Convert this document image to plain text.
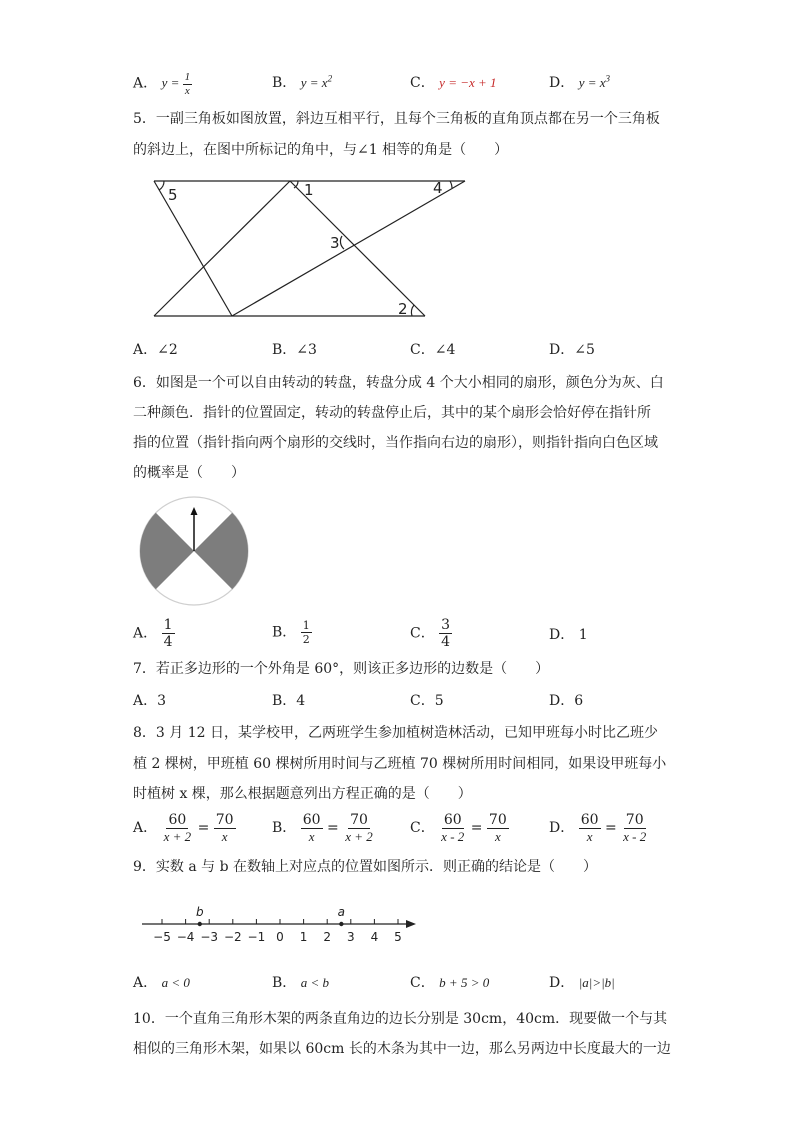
A． $y = \frac{1}{x}$	B． $y = x^2$	C． y = −x + 1	D． $y = x^3$
5．一副三角板如图放置，斜边互相平行，且每个三角板的直角顶点都在另一个三角板
的斜边上，在图中所标记的角中，与∠1 相等的角是（　　）
5	1	4
3
2
A．∠2	B．∠3	C．∠4	D．∠5
6．如图是一个可以自由转动的转盘，转盘分成 4 个大小相同的扇形，颜色分为灰、白
二种颜色．指针的位置固定，转动的转盘停止后，其中的某个扇形会恰好停在指针所
指的位置（指针指向两个扇形的交线时，当作指向右边的扇形），则指针指向白色区域
的概率是（　　）
A． $\frac{1}{4}$	B． $\frac{1}{2}$	C． $\frac{3}{4}$	D． 1
7．若正多边形的一个外角是 60°，则该正多边形的边数是（　　）
A．3	B．4	C．5	D．6
8．3 月 12 日，某学校甲，乙两班学生参加植树造林活动，已知甲班每小时比乙班少
植 2 棵树，甲班植 60 棵树所用时间与乙班植 70 棵树所用时间相同，如果设甲班每小
时植树 x 棵，那么根据题意列出方程正确的是（　　）
A． $\frac{60}{x + 2} = \frac{70}{x}$	B． $\frac{60}{x} = \frac{70}{x + 2}$	C． $\frac{60}{x - 2} = \frac{70}{x}$	D． $\frac{60}{x} = \frac{70}{x - 2}$
9．实数 a 与 b 在数轴上对应点的位置如图所示．则正确的结论是（　　）
−5 −4 −3 −2 −1 0 1 2 3 4 5
b	a
A． a < 0	B． a < b	C． b + 5 > 0	D． |a|>|b|
10．一个直角三角形木架的两条直角边的边长分别是 30cm，40cm．现要做一个与其
相似的三角形木架，如果以 60cm 长的木条为其中一边，那么另两边中长度最大的一边
